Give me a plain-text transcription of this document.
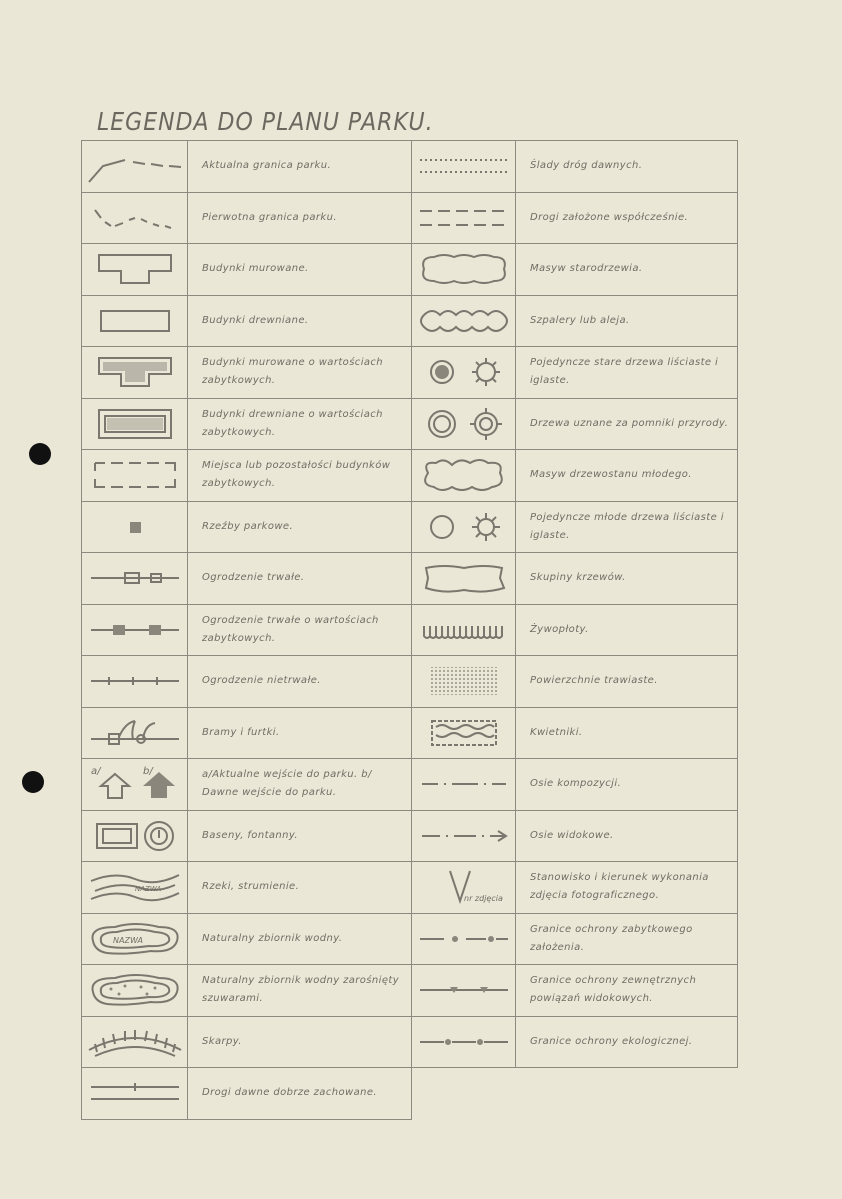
LEGENDA DO PLANU PARKU.
	Aktualna granica parku.		Ślady dróg dawnych.

	Pierwotna granica parku.		Drogi założone współcześnie.

	Budynki murowane.		Masyw starodrzewia.

	Budynki drewniane.		Szpalery lub aleja.

	Budynki murowane o wartościach zabytkowych.		Pojedyncze stare drzewa liściaste i iglaste.

	Budynki drewniane o wartościach zabytkowych.		Drzewa uznane za pomniki przyrody.

	Miejsca lub pozostałości budynków zabytkowych.		Masyw drzewostanu młodego.

	Rzeźby parkowe.		Pojedyncze młode drzewa liściaste i iglaste.

	Ogrodzenie trwałe.		Skupiny krzewów.

	Ogrodzenie trwałe o wartościach zabytkowych.		Żywopłoty.

	Ogrodzenie nietrwałe.		Powierzchnie trawiaste.

	Bramy i furtki.		Kwietniki.

a/ b/	a/Aktualne wejście do parku. b/ Dawne wejście do parku.		Osie kompozycji.

	Baseny, fontanny.		Osie widokowe.

NAZWA	Rzeki, strumienie.	nr zdjęcia	Stanowisko i kierunek wykonania zdjęcia fotograficznego.

NAZWA	Naturalny zbiornik wodny.		Granice ochrony zabytkowego założenia.

	Naturalny zbiornik wodny zarośnięty szuwarami.		Granice ochrony zewnętrznych powiązań widokowych.

	Skarpy.		Granice ochrony ekologicznej.

	Drogi dawne dobrze zachowane.		
